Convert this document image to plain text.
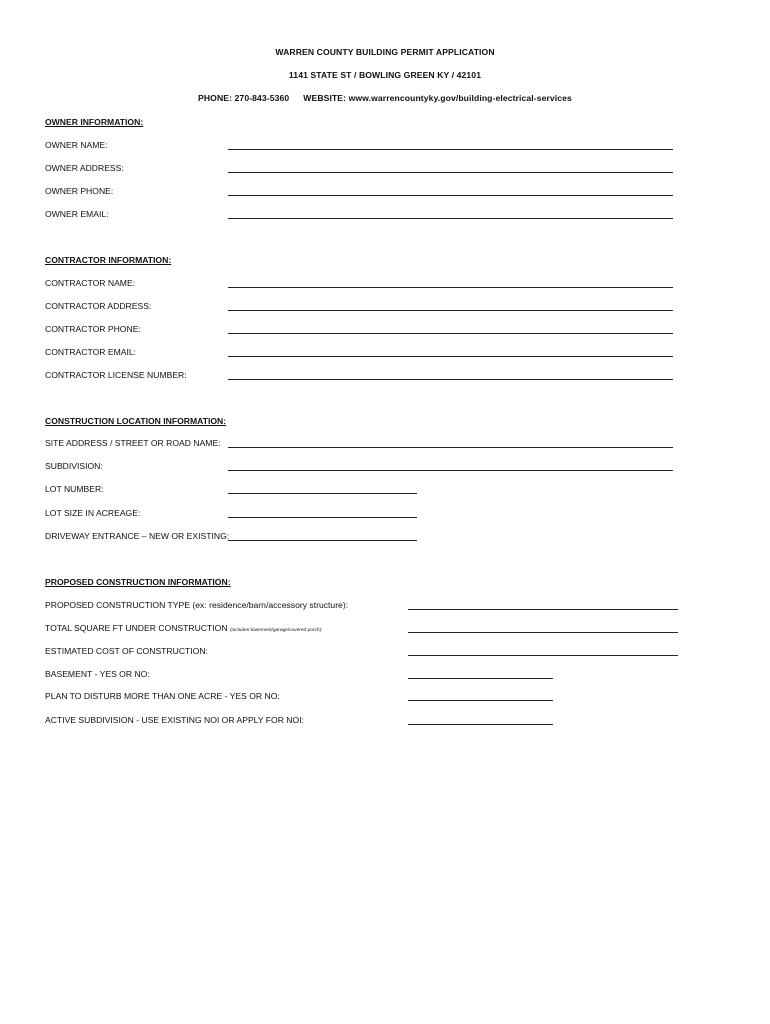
WARREN COUNTY BUILDING PERMIT APPLICATION
1141 STATE ST / BOWLING GREEN KY / 42101
PHONE: 270-843-5360 WEBSITE: www.warrencountyky.gov/building-electrical-services
OWNER INFORMATION:
OWNER NAME:
OWNER ADDRESS:
OWNER PHONE:
OWNER EMAIL:
CONTRACTOR INFORMATION:
CONTRACTOR NAME:
CONTRACTOR ADDRESS:
CONTRACTOR PHONE:
CONTRACTOR EMAIL:
CONTRACTOR LICENSE NUMBER:
CONSTRUCTION LOCATION INFORMATION:
SITE ADDRESS / STREET OR ROAD NAME:
SUBDIVISION:
LOT NUMBER:
LOT SIZE IN ACREAGE:
DRIVEWAY ENTRANCE – NEW OR EXISTING:
PROPOSED CONSTRUCTION INFORMATION:
PROPOSED CONSTRUCTION TYPE (ex: residence/barn/accessory structure):
TOTAL SQUARE FT UNDER CONSTRUCTION (includes basement/garage/covered porch):
ESTIMATED COST OF CONSTRUCTION:
BASEMENT - YES OR NO:
PLAN TO DISTURB MORE THAN ONE ACRE - YES OR NO:
ACTIVE SUBDIVISION - USE EXISTING NOI OR APPLY FOR NOI:
